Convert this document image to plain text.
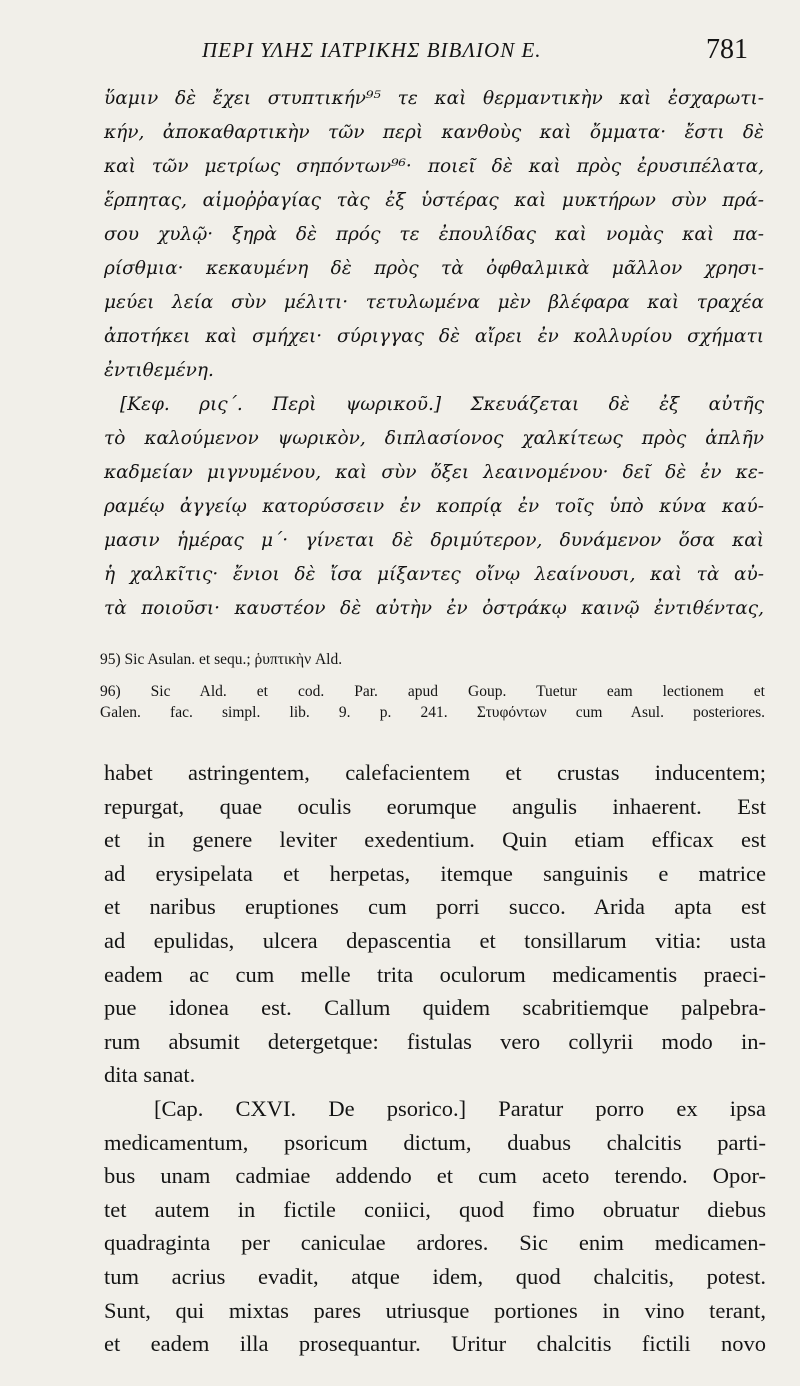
ΠΕΡΙ ΥΛΗΣ ΙΑΤΡΙΚΗΣ ΒΙΒΛΙΟΝ Ε.	781
ὕαμιν δὲ ἔχει στυπτικήν⁹⁵ τε καὶ θερμαντικὴν καὶ ἐσχαρωτι-
κήν, ἀποκαθαρτικὴν τῶν περὶ κανθοὺς καὶ ὄμματα· ἔστι δὲ
καὶ τῶν μετρίως σηπόντων⁹⁶· ποιεῖ δὲ καὶ πρὸς ἐρυσιπέλατα,
ἕρπητας, αἱμοῤῥαγίας τὰς ἐξ ὑστέρας καὶ μυκτήρων σὺν πρά-
σου χυλῷ· ξηρὰ δὲ πρός τε ἐπουλίδας καὶ νομὰς καὶ πα-
ρίσθμια· κεκαυμένη δὲ πρὸς τὰ ὀφθαλμικὰ μᾶλλον χρησι-
μεύει λεία σὺν μέλιτι· τετυλωμένα μὲν βλέφαρα καὶ τραχέα
ἀποτήκει καὶ σμήχει· σύριγγας δὲ αἴρει ἐν κολλυρίου σχήματι
ἐντιθεμένη.
[Κεφ. ρις΄. Περὶ ψωρικοῦ.] Σκευάζεται δὲ ἐξ αὐτῆς
τὸ καλούμενον ψωρικὸν, διπλασίονος χαλκίτεως πρὸς ἁπλῆν
καδμείαν μιγνυμένου, καὶ σὺν ὄξει λεαινομένου· δεῖ δὲ ἐν κε-
ραμέῳ ἀγγείῳ κατορύσσειν ἐν κοπρίᾳ ἐν τοῖς ὑπὸ κύνα καύ-
μασιν ἡμέρας μ΄· γίνεται δὲ δριμύτερον, δυνάμενον ὅσα καὶ
ἡ χαλκῖτις· ἔνιοι δὲ ἴσα μίξαντες οἴνῳ λεαίνουσι, καὶ τὰ αὐ-
τὰ ποιοῦσι· καυστέον δὲ αὐτὴν ἐν ὀστράκῳ καινῷ ἐντιθέντας,
95) Sic Asulan. et sequ.; ῥυπτικὴν Ald.
96) Sic Ald. et cod. Par. apud Goup. Tuetur eam lectionem et
Galen. fac. simpl. lib. 9. p. 241. Στυφόντων cum Asul. posteriores.
habet astringentem, calefacientem et crustas inducentem;
repurgat, quae oculis eorumque angulis inhaerent. Est
et in genere leviter exedentium. Quin etiam efficax est
ad erysipelata et herpetas, itemque sanguinis e matrice
et naribus eruptiones cum porri succo. Arida apta est
ad epulidas, ulcera depascentia et tonsillarum vitia: usta
eadem ac cum melle trita oculorum medicamentis praeci-
pue idonea est. Callum quidem scabritiemque palpebra-
rum absumit detergetque: fistulas vero collyrii modo in-
dita sanat.
[Cap. CXVI. De psorico.] Paratur porro ex ipsa
medicamentum, psoricum dictum, duabus chalcitis parti-
bus unam cadmiae addendo et cum aceto terendo. Opor-
tet autem in fictile coniici, quod fimo obruatur diebus
quadraginta per caniculae ardores. Sic enim medicamen-
tum acrius evadit, atque idem, quod chalcitis, potest.
Sunt, qui mixtas pares utriusque portiones in vino terant,
et eadem illa prosequantur. Uritur chalcitis fictili novo
